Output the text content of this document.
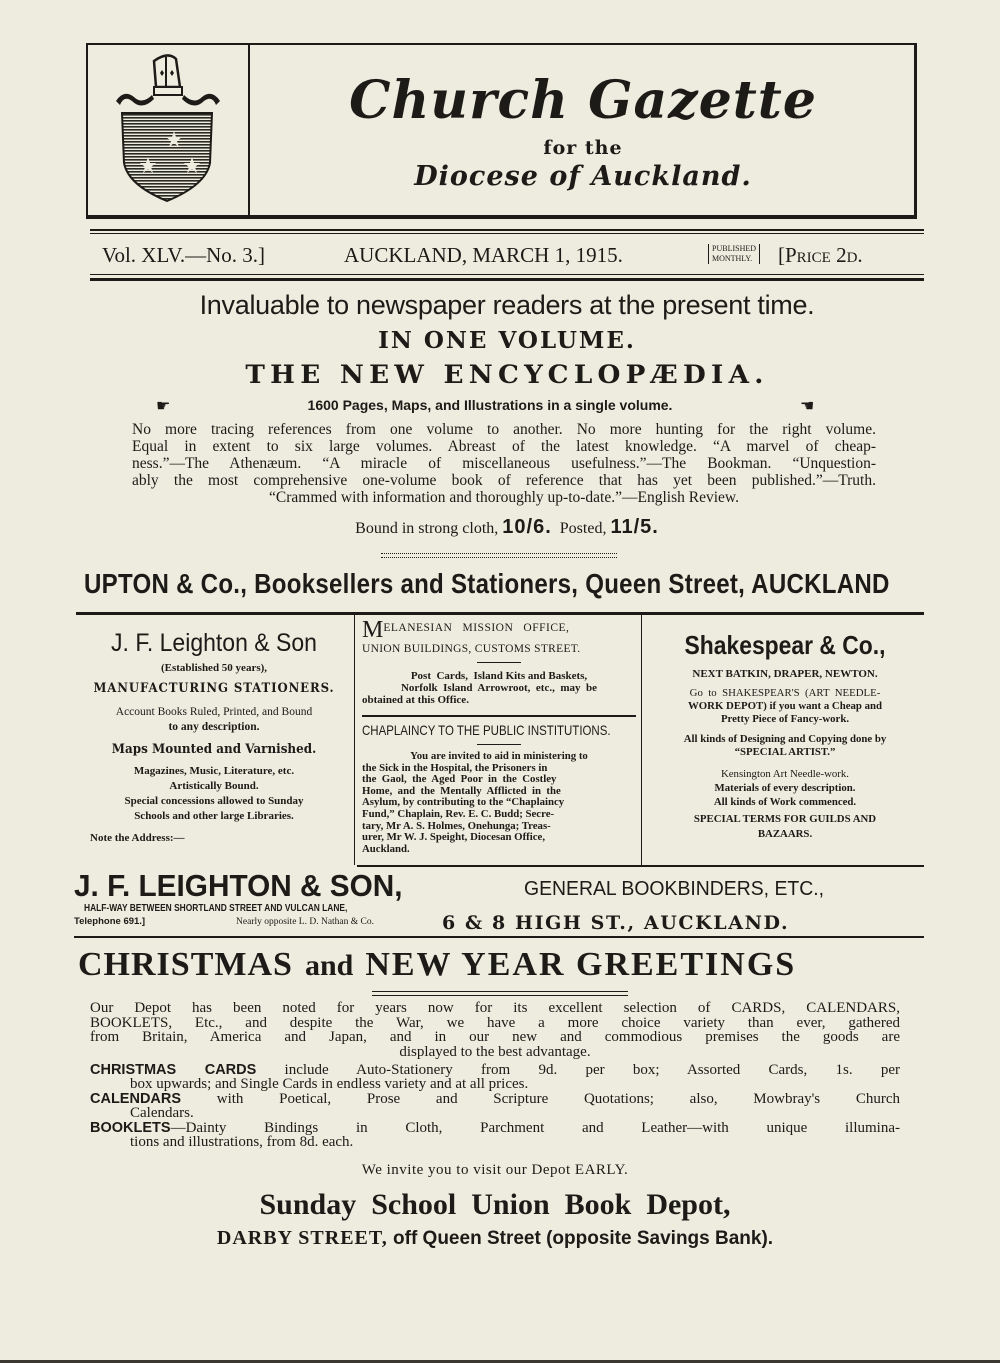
Church Gazette
for the
Diocese of Auckland.
Vol. XLV.—No. 3.]	AUCKLAND, MARCH 1, 1915.	PUBLISHED
MONTHLY. [Price 2d.
Invaluable to newspaper readers at the present time.
IN ONE VOLUME.
THE NEW ENCYCLOPÆDIA.
☛	1600 Pages, Maps, and Illustrations in a single volume.	☚
No more tracing references from one volume to another. No more hunting for the right volume.
Equal in extent to six large volumes. Abreast of the latest knowledge. “A marvel of cheap-
ness.”—The Athenæum. “A miracle of miscellaneous usefulness.”—The Bookman. “Unquestion-
ably the most comprehensive one-volume book of reference that has yet been published.”—Truth.
“Crammed with information and thoroughly up-to-date.”—English Review.
Bound in strong cloth, 10/6. Posted, 11/5.
UPTON & Co., Booksellers and Stationers, Queen Street, AUCKLAND
J. F. Leighton & Son
(Established 50 years),
MANUFACTURING STATIONERS.
Account Books Ruled, Printed, and Bound
to any description.
Maps Mounted and Varnished.
Magazines, Music, Literature, etc.
Artistically Bound.
Special concessions allowed to Sunday
Schools and other large Libraries.
Note the Address:—
MELANESIAN   MISSION   OFFICE,
UNION BUILDINGS, CUSTOMS STREET.
Post  Cards,  Island Kits and Baskets,
Norfolk  Island  Arrowroot,  etc.,  may  be
obtained at this Office.
CHAPLAINCY TO THE PUBLIC INSTITUTIONS.
You are invited to aid in ministering to
the Sick in the Hospital, the Prisoners in
the  Gaol,  the  Aged  Poor  in  the  Costley
Home,  and  the  Mentally  Afflicted  in  the
Asylum, by contributing to the “Chaplaincy
Fund,” Chaplain, Rev. E. C. Budd; Secre-
tary, Mr A. S. Holmes, Onehunga; Treas-
urer, Mr W. J. Speight, Diocesan Office,
Auckland.
Shakespear & Co.,
NEXT BATKIN, DRAPER, NEWTON.
Go  to  SHAKESPEAR'S  (ART  NEEDLE-
WORK DEPOT) if you want a Cheap and
Pretty Piece of Fancy-work.
All kinds of Designing and Copying done by
“SPECIAL ARTIST.”
Kensington Art Needle-work.
Materials of every description.
All kinds of Work commenced.
SPECIAL TERMS FOR GUILDS AND
BAZAARS.
J. F. LEIGHTON & SON,	GENERAL BOOKBINDERS, ETC.,
HALF-WAY BETWEEN SHORTLAND STREET AND VULCAN LANE,
Telephone 691.]	Nearly opposite L. D. Nathan & Co.	6 & 8 HIGH ST., AUCKLAND.
CHRISTMAS and NEW YEAR GREETINGS
Our Depot has been noted for years now for its excellent selection of CARDS, CALENDARS,
BOOKLETS, Etc., and despite the War, we have a more choice variety than ever, gathered
from Britain, America and Japan, and in our new and commodious premises the goods are
displayed to the best advantage.
CHRISTMAS CARDS include Auto-Stationery from 9d. per box; Assorted Cards, 1s. per
box upwards; and Single Cards in endless variety and at all prices.
CALENDARS with Poetical, Prose and Scripture Quotations; also, Mowbray's Church
Calendars.
BOOKLETS—Dainty Bindings in Cloth, Parchment and Leather—with unique illumina-
tions and illustrations, from 8d. each.
We invite you to visit our Depot EARLY.
Sunday  School  Union  Book  Depot,
DARBY STREET, off Queen Street (opposite Savings Bank).
